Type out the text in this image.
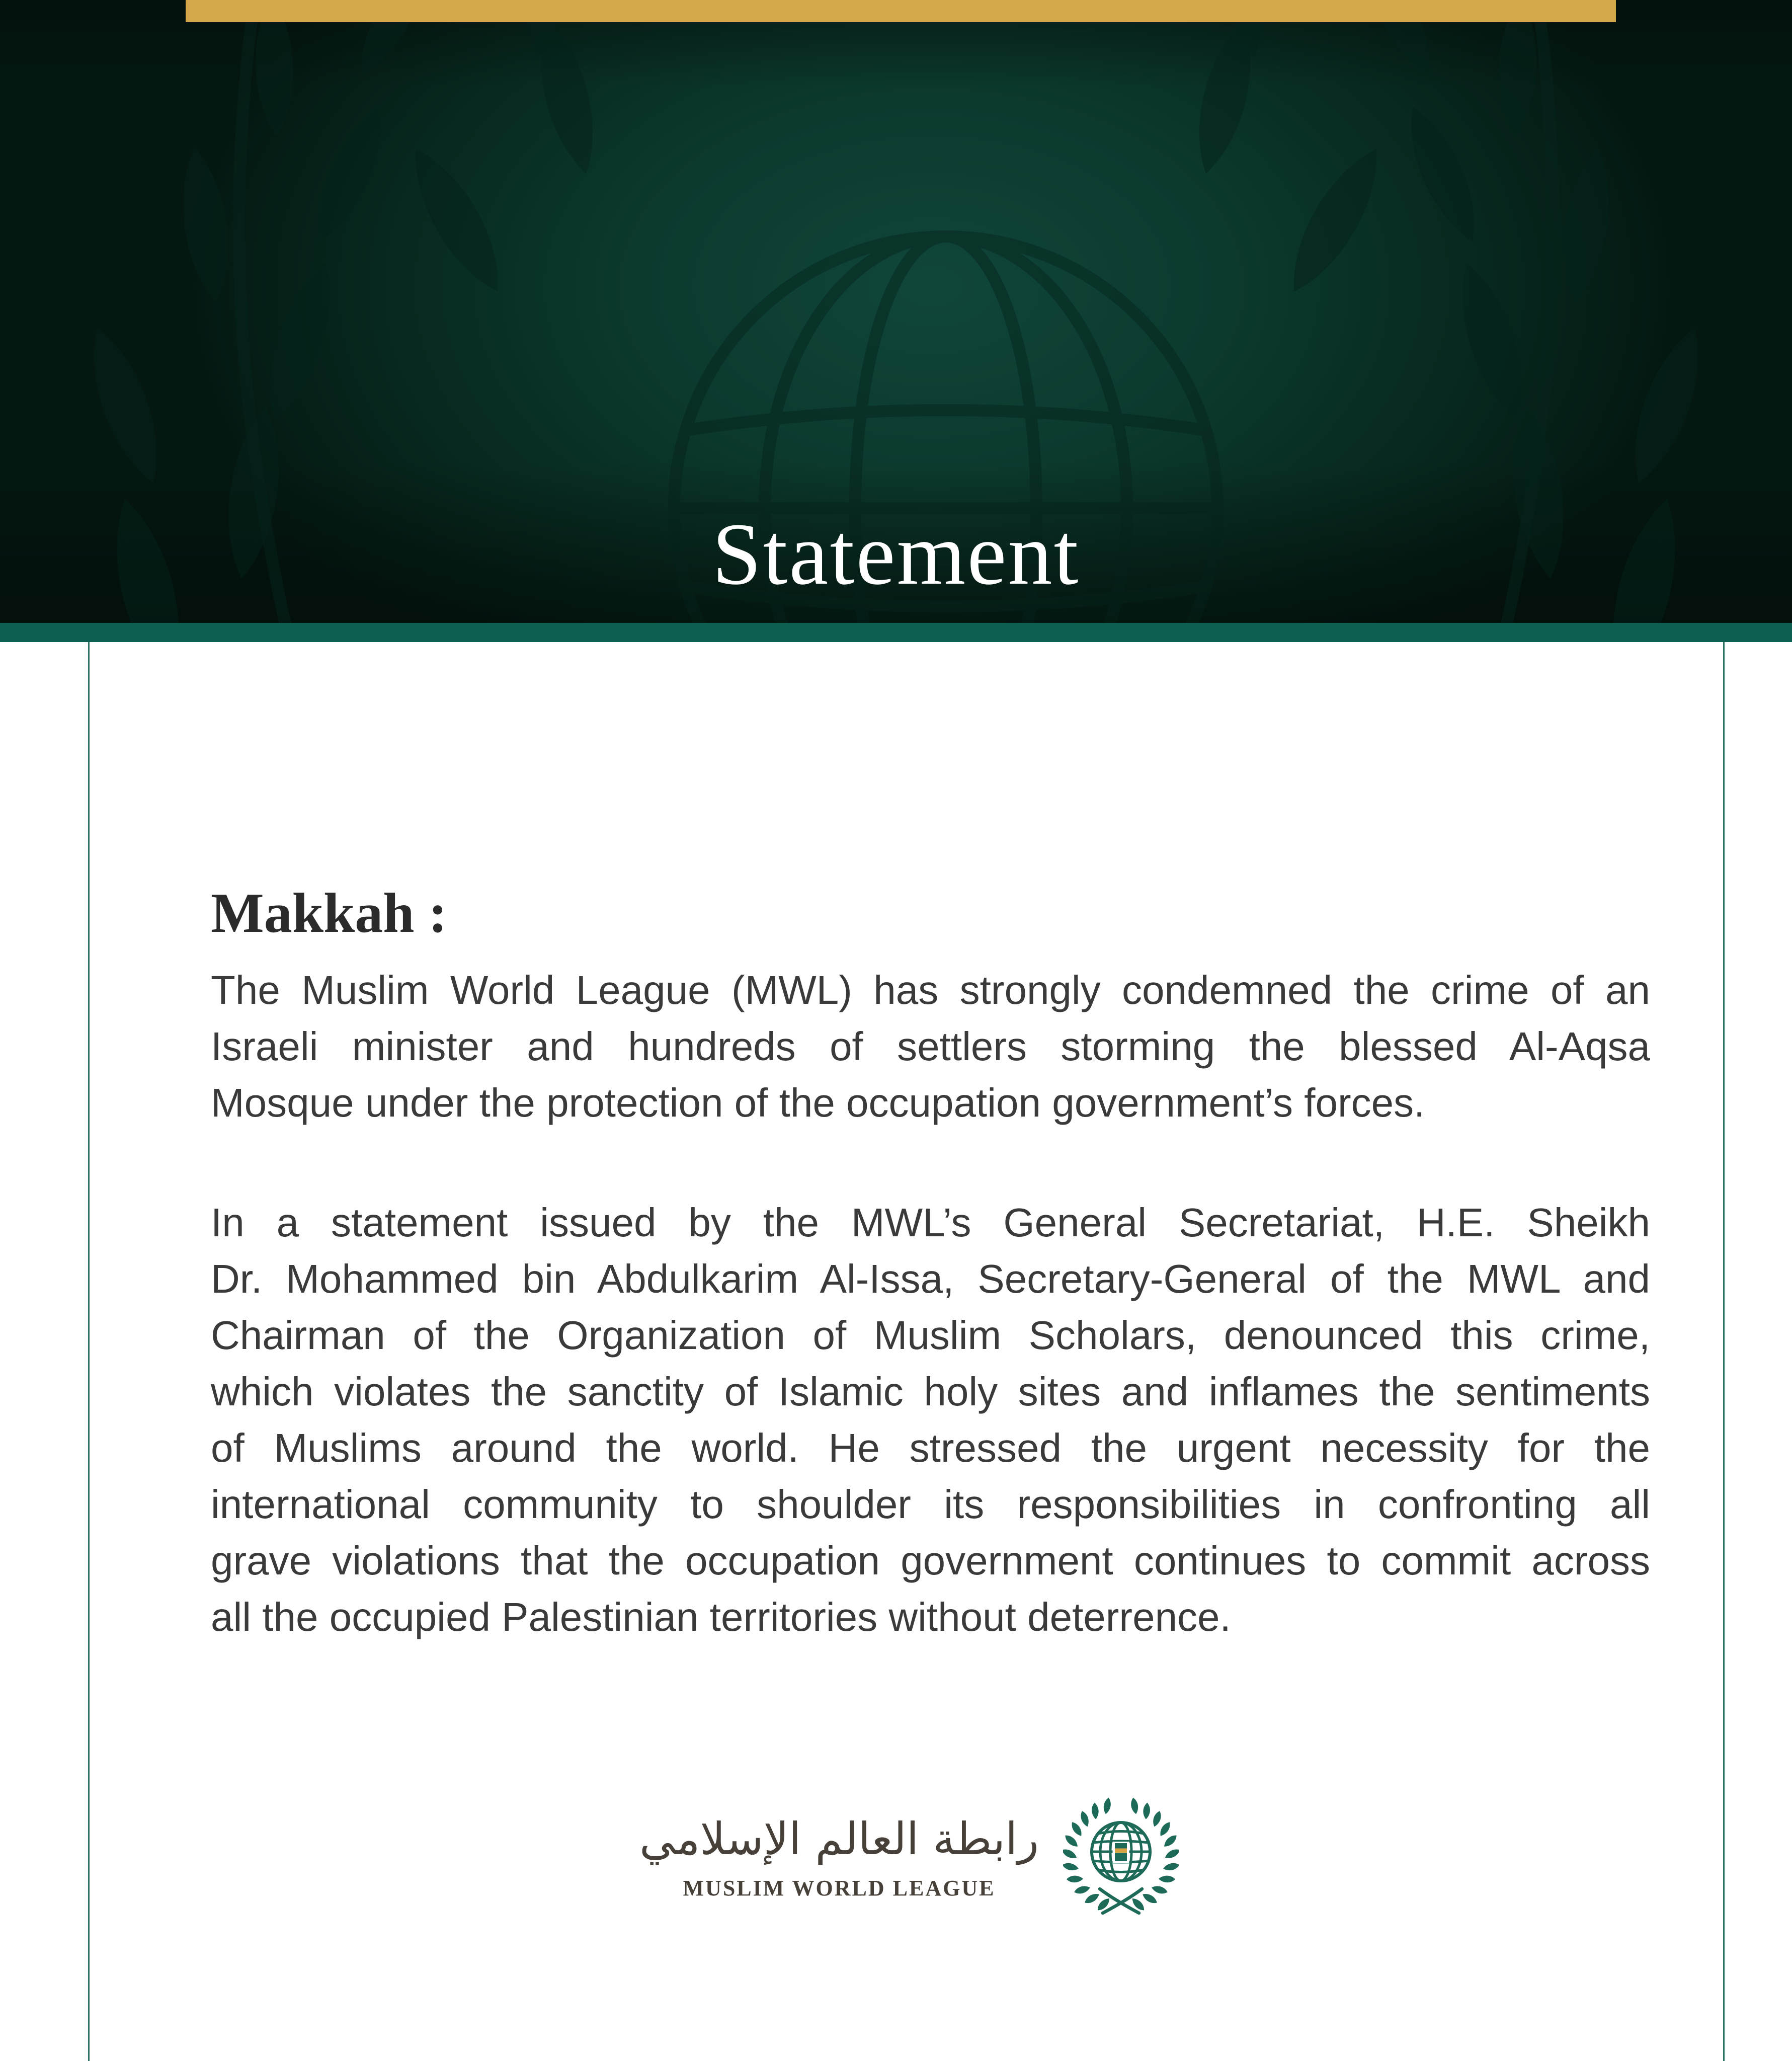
Statement
Makkah :

The Muslim World League (MWL) has strongly condemned the crime of an
Israeli minister and hundreds of settlers storming the blessed Al-Aqsa
Mosque under the protection of the occupation government’s forces.

In a statement issued by the MWL’s General Secretariat, H.E. Sheikh
Dr. Mohammed bin Abdulkarim Al-Issa, Secretary-General of the MWL and
Chairman of the Organization of Muslim Scholars, denounced this crime,
which violates the sanctity of Islamic holy sites and inflames the sentiments
of Muslims around the world. He stressed the urgent necessity for the
international community to shoulder its responsibilities in confronting all
grave violations that the occupation government continues to commit across
all the occupied Palestinian territories without deterrence.

رابطة العالم الإسلامي
MUSLIM WORLD LEAGUE
